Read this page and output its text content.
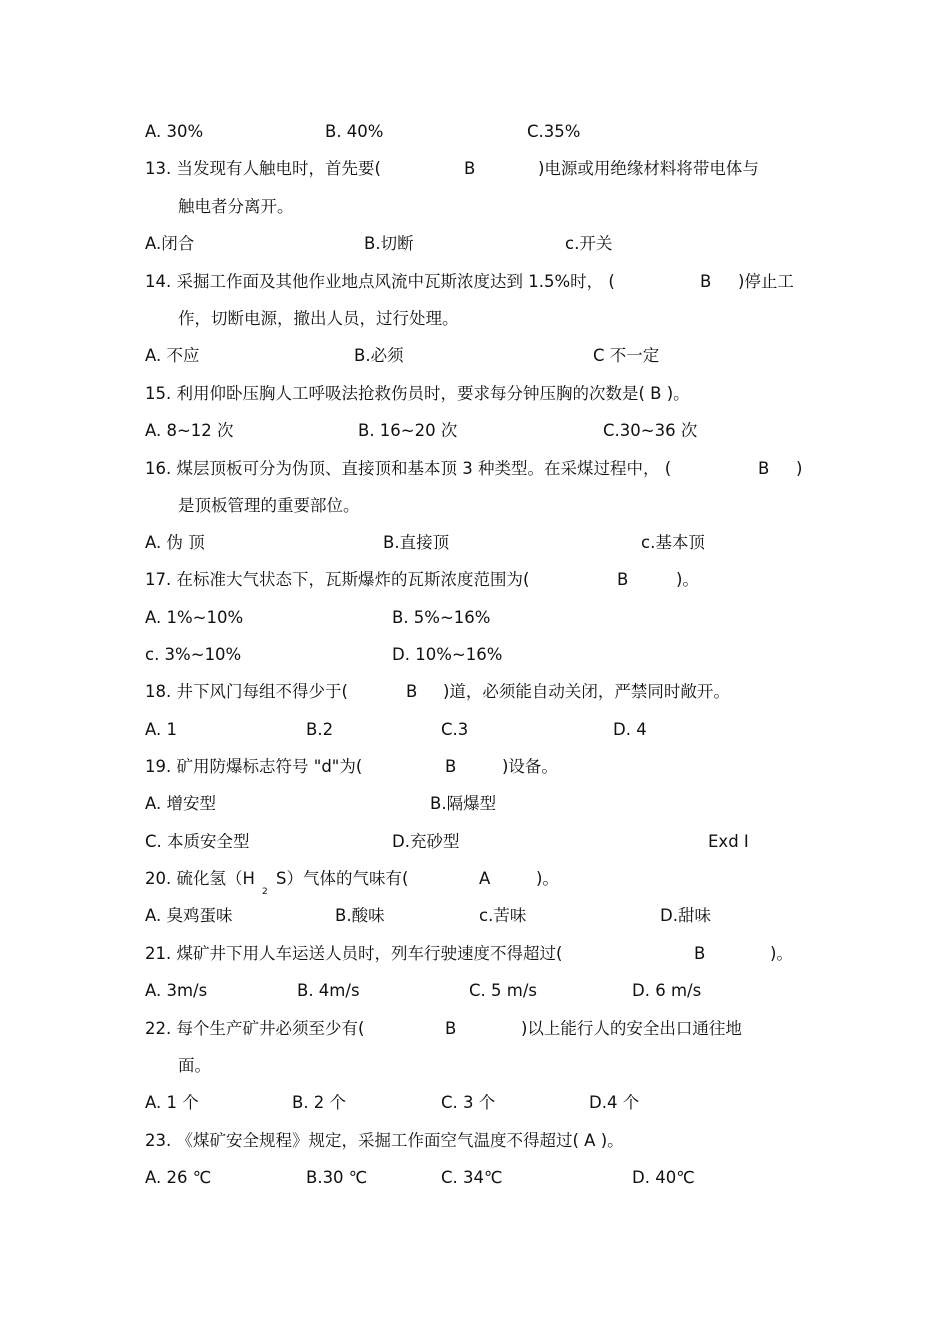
A. 30%	B. 40%	C.35%
13. 当发现有人触电时，首先要(	B	)电源或用绝缘材料将带电体与
触电者分离开。
A.闭合	B.切断	c.开关
14. 采掘工作面及其他作业地点风流中瓦斯浓度达到 1.5%时， (	B )停止工
作，切断电源，撤出人员，过行处理。
A. 不应	B.必须	C 不一定
15. 利用仰卧压胸人工呼吸法抢救伤员时，要求每分钟压胸的次数是( B )。
A. 8~12 次	B. 16~20 次	C.30~36 次
16. 煤层顶板可分为伪顶、直接顶和基本顶 3 种类型。在采煤过程中， (	B )
是顶板管理的重要部位。
A. 伪 顶	B.直接顶	c.基本顶
17. 在标准大气状态下，瓦斯爆炸的瓦斯浓度范围为(	B	)。
A. 1%~10%	B. 5%~16%
c. 3%~10%	D. 10%~16%
18. 井下风门每组不得少于(	B )道，必须能自动关闭，严禁同时敞开。
A. 1	B.2	C.3	D. 4
19. 矿用防爆标志符号 "d"为(	B	)设备。
A. 增安型	B.隔爆型
C. 本质安全型	D.充砂型	Exd Ⅰ
20. 硫化氢（H
2
S）气体的气味有(	A	)。
A. 臭鸡蛋味	B.酸味	c.苦味	D.甜味
21. 煤矿井下用人车运送人员时，列车行驶速度不得超过(	B	)。
A. 3m/s	B. 4m/s	C. 5 m/s	D. 6 m/s
22. 每个生产矿井必须至少有(	B	)以上能行人的安全出口通往地
面。
A. 1 个	B. 2 个	C. 3 个	D.4 个
23. 《煤矿安全规程》规定，采掘工作面空气温度不得超过( A )。
A. 26 ℃	B.30 ℃	C. 34℃	D. 40℃
